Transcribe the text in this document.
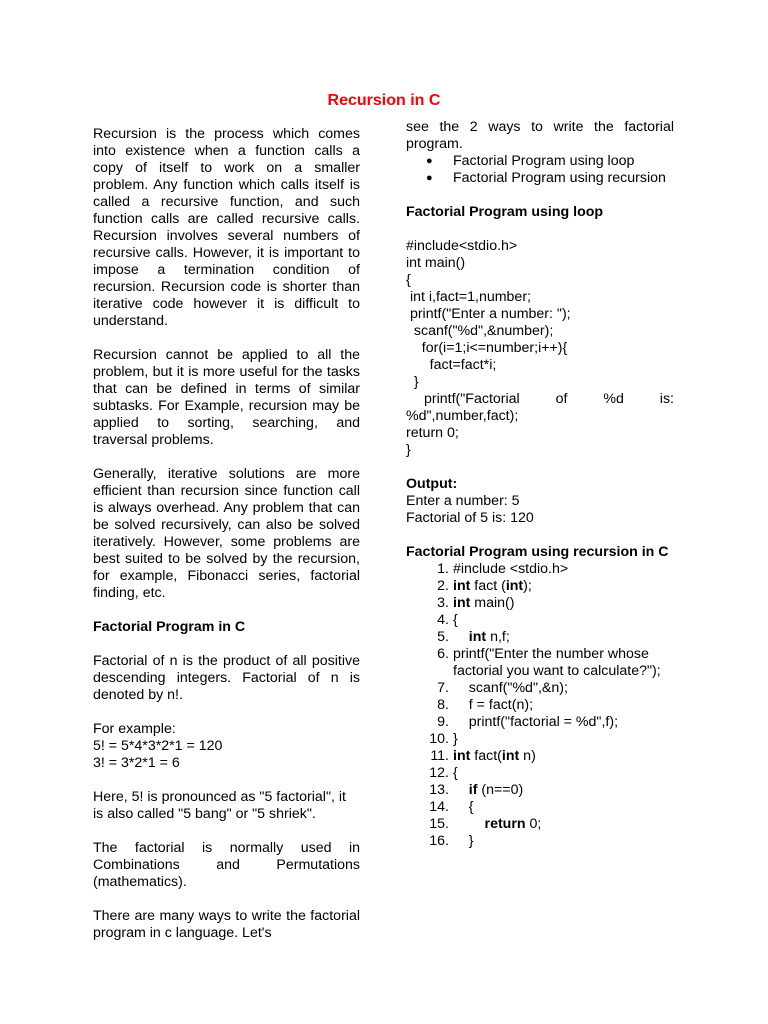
Recursion in C

Recursion is the process which comes into existence when a function calls a copy of itself to work on a smaller problem. Any function which calls itself is called a recursive function, and such function calls are called recursive calls. Recursion involves several numbers of recursive calls. However, it is important to impose a termination condition of recursion. Recursion code is shorter than iterative code however it is difficult to understand.

Recursion cannot be applied to all the problem, but it is more useful for the tasks that can be defined in terms of similar subtasks. For Example, recursion may be applied to sorting, searching, and traversal problems.

Generally, iterative solutions are more efficient than recursion since function call is always overhead. Any problem that can be solved recursively, can also be solved iteratively. However, some problems are best suited to be solved by the recursion, for example, Fibonacci series, factorial finding, etc.

Factorial Program in C

Factorial of n is the product of all positive descending integers. Factorial of n is denoted by n!.

For example:

5! = 5*4*3*2*1 = 120

3! = 3*2*1 = 6

Here, 5! is pronounced as "5 factorial", it is also called "5 bang" or "5 shriek".

The factorial is normally used in Combinations and Permutations (mathematics).

There are many ways to write the factorial program in c language. Let's

see the 2 ways to write the factorial program.

● Factorial Program using loop
● Factorial Program using recursion

Factorial Program using loop

#include<stdio.h>
int main()
{
int i,fact=1,number;
printf("Enter a number: ");
scanf("%d",&number);
for(i=1;i<=number;i++){
fact=fact*i;
}
printf("Factorial of %d is: %d",number,fact);
return 0;
}

Output:

Enter a number: 5

Factorial of 5 is: 120

Factorial Program using recursion in C

1. #include <stdio.h>
2. int fact (int);
3. int main()
4. {
5. int n,f;
6. printf("Enter the number whose factorial you want to calculate?");
7. scanf("%d",&n);
8. f = fact(n);
9. printf("factorial = %d",f);
10. }
11. int fact(int n)
12. {
13. if (n==0)
14. {
15.	return 0;
16. }
